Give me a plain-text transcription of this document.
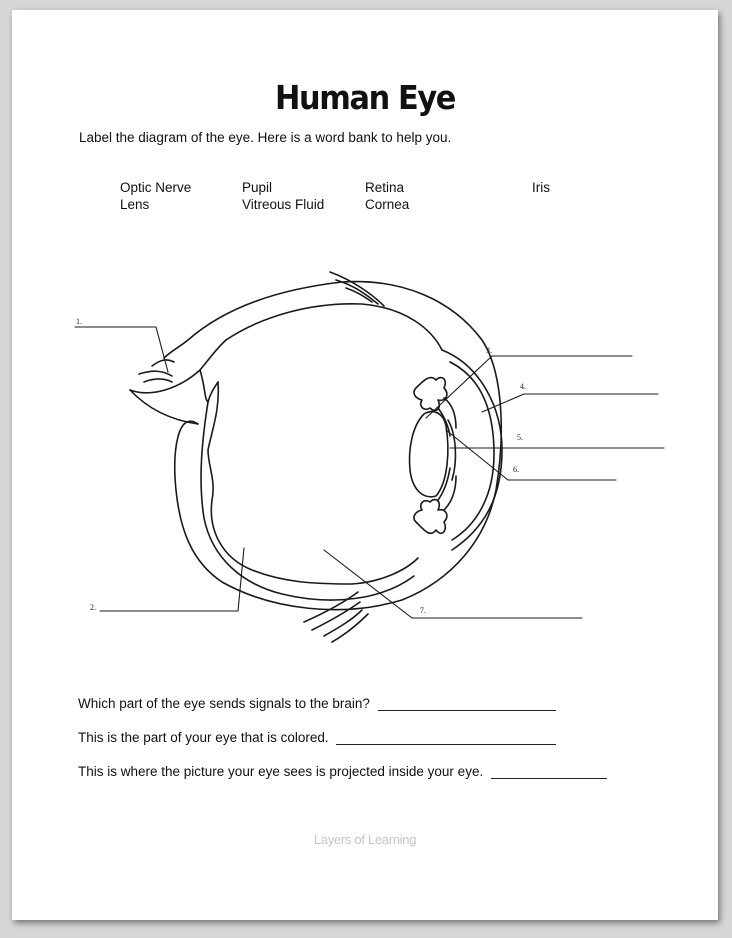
Human Eye
Label the diagram of the eye. Here is a word bank to help you.
Optic Nerve	Pupil	Retina	Iris
Lens	Vitreous Fluid	Cornea
1.
2.
3.
4.
5.
6.
7.
Which part of the eye sends signals to the brain?
This is the part of your eye that is colored.
This is where the picture your eye sees is projected inside your eye.
Layers of Learning
